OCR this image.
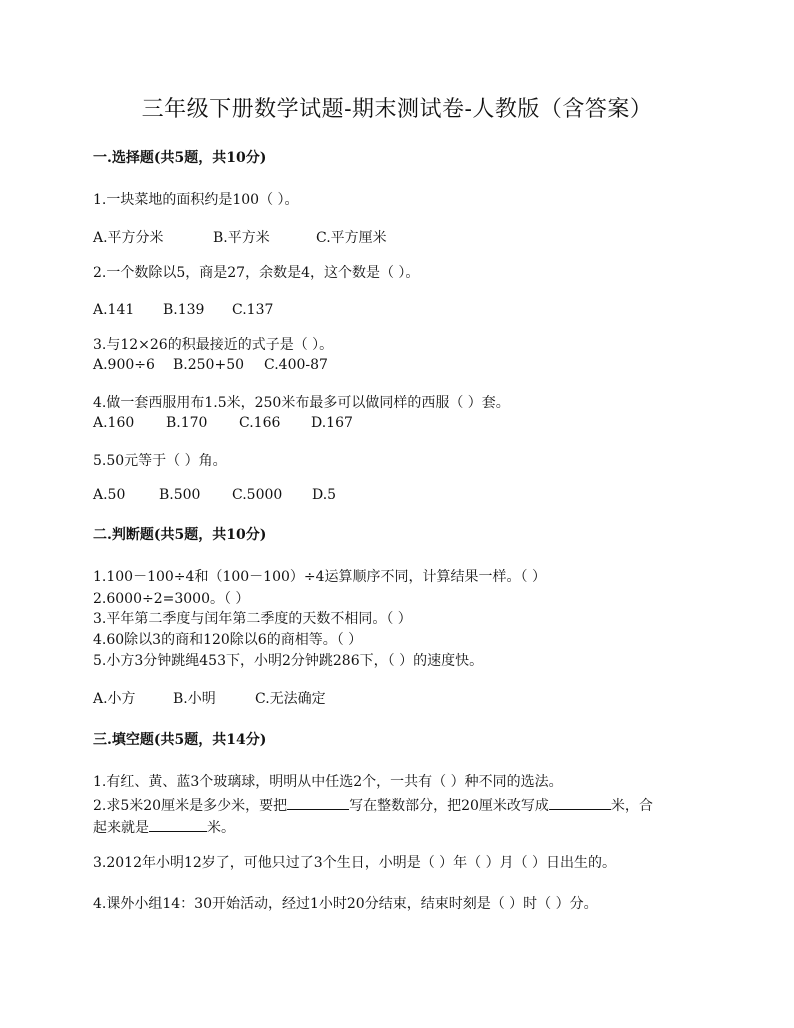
三年级下册数学试题-期末测试卷-人教版（含答案）
一.选择题(共5题，共10分)
1.一块菜地的面积约是100（ ）。
A.平方分米	B.平方米	C.平方厘米
2.一个数除以5，商是27，余数是4，这个数是（ ）。
A.141 B.139 C.137
3.与12×26的积最接近的式子是（ ）。
A.900÷6 B.250+50 C.400-87
4.做一套西服用布1.5米，250米布最多可以做同样的西服（ ）套。
A.160 B.170 C.166 D.167
5.50元等于（ ）角。
A.50 B.500 C.5000 D.5
二.判断题(共5题，共10分)
1.100－100÷4和（100－100）÷4运算顺序不同，计算结果一样。（ ）
2.6000÷2=3000。（ ）
3.平年第二季度与闰年第二季度的天数不相同。（ ）
4.60除以3的商和120除以6的商相等。（ ）
5.小方3分钟跳绳453下，小明2分钟跳286下，（ ）的速度快。
A.小方	B.小明	C.无法确定
三.填空题(共5题，共14分)
1.有红、黄、蓝3个玻璃球，明明从中任选2个，一共有（ ）种不同的选法。
2.求5米20厘米是多少米，要把	写在整数部分，把20厘米改写成	米，合
起来就是	米。
3.2012年小明12岁了，可他只过了3个生日，小明是（ ）年（ ）月（ ）日出生的。
4.课外小组14：30开始活动，经过1小时20分结束，结束时刻是（ ）时（ ）分。
